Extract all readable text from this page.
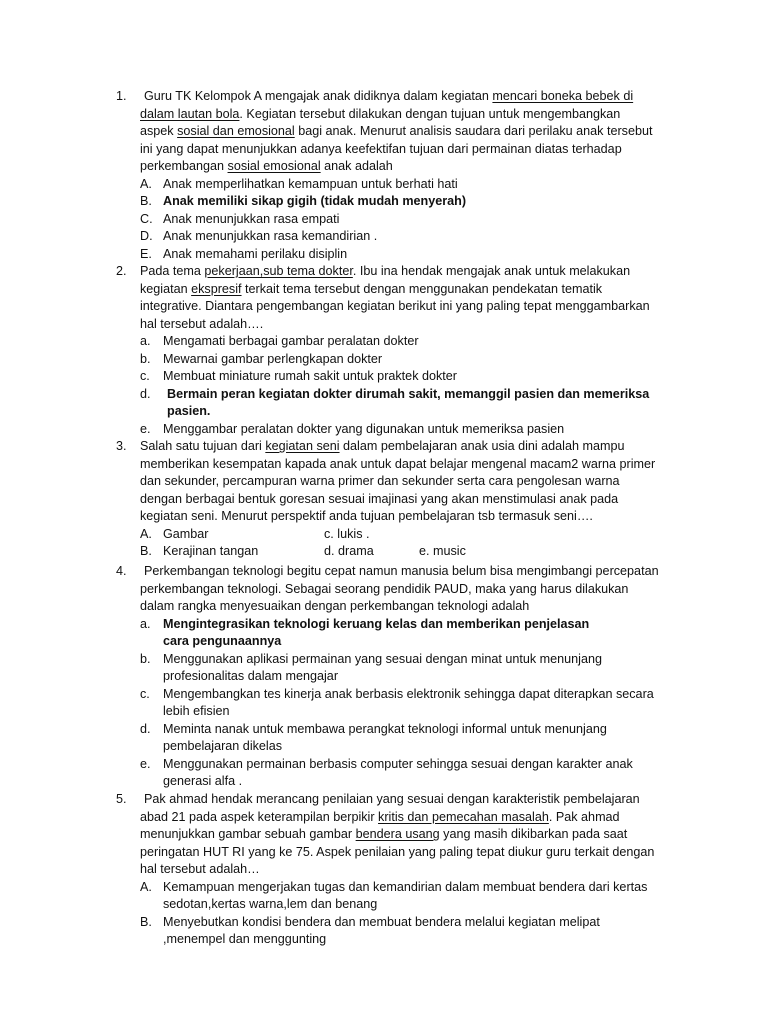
1. Guru TK Kelompok A mengajak anak didiknya dalam kegiatan mencari boneka bebek di
dalam lautan bola. Kegiatan tersebut dilakukan dengan tujuan untuk mengembangkan
aspek sosial dan emosional bagi anak. Menurut analisis saudara dari perilaku anak tersebut
ini yang dapat menunjukkan adanya keefektifan tujuan dari permainan diatas terhadap
perkembangan sosial emosional anak adalah
A. Anak memperlihatkan kemampuan untuk berhati hati
B. Anak memiliki sikap gigih (tidak mudah menyerah)
C. Anak menunjukkan rasa empati
D. Anak menunjukkan rasa kemandirian .
E. Anak memahami perilaku disiplin
2. Pada tema pekerjaan,sub tema dokter. Ibu ina hendak mengajak anak untuk melakukan
kegiatan ekspresif terkait tema tersebut dengan menggunakan pendekatan tematik
integrative. Diantara pengembangan kegiatan berikut ini yang paling tepat menggambarkan
hal tersebut adalah….
a. Mengamati berbagai gambar peralatan dokter
b. Mewarnai gambar perlengkapan dokter
c. Membuat miniature rumah sakit untuk praktek dokter
d. Bermain peran kegiatan dokter dirumah sakit, memanggil pasien dan memeriksa
pasien.
e. Menggambar peralatan dokter yang digunakan untuk memeriksa pasien
3. Salah satu tujuan dari kegiatan seni dalam pembelajaran anak usia dini adalah mampu
memberikan kesempatan kapada anak untuk dapat belajar mengenal macam2 warna primer
dan sekunder, percampuran warna primer dan sekunder serta cara pengolesan warna
dengan berbagai bentuk goresan sesuai imajinasi yang akan menstimulasi anak pada
kegiatan seni. Menurut perspektif anda tujuan pembelajaran tsb termasuk seni….
A. Gambar	c. lukis .
B. Kerajinan tangan	d. drama	e. music
4. Perkembangan teknologi begitu cepat namun manusia belum bisa mengimbangi percepatan
perkembangan teknologi. Sebagai seorang pendidik PAUD, maka yang harus dilakukan
dalam rangka menyesuaikan dengan perkembangan teknologi adalah
a. Mengintegrasikan teknologi keruang kelas dan memberikan penjelasan
cara pengunaannya
b. Menggunakan aplikasi permainan yang sesuai dengan minat untuk menunjang
profesionalitas dalam mengajar
c. Mengembangkan tes kinerja anak berbasis elektronik sehingga dapat diterapkan secara
lebih efisien
d. Meminta nanak untuk membawa perangkat teknologi informal untuk menunjang
pembelajaran dikelas
e. Menggunakan permainan berbasis computer sehingga sesuai dengan karakter anak
generasi alfa .
5. Pak ahmad hendak merancang penilaian yang sesuai dengan karakteristik pembelajaran
abad 21 pada aspek keterampilan berpikir kritis dan pemecahan masalah. Pak ahmad
menunjukkan gambar sebuah gambar bendera usang yang masih dikibarkan pada saat
peringatan HUT RI yang ke 75. Aspek penilaian yang paling tepat diukur guru terkait dengan
hal tersebut adalah…
A. Kemampuan mengerjakan tugas dan kemandirian dalam membuat bendera dari kertas
sedotan,kertas warna,lem dan benang
B. Menyebutkan kondisi bendera dan membuat bendera melalui kegiatan melipat
,menempel dan menggunting
